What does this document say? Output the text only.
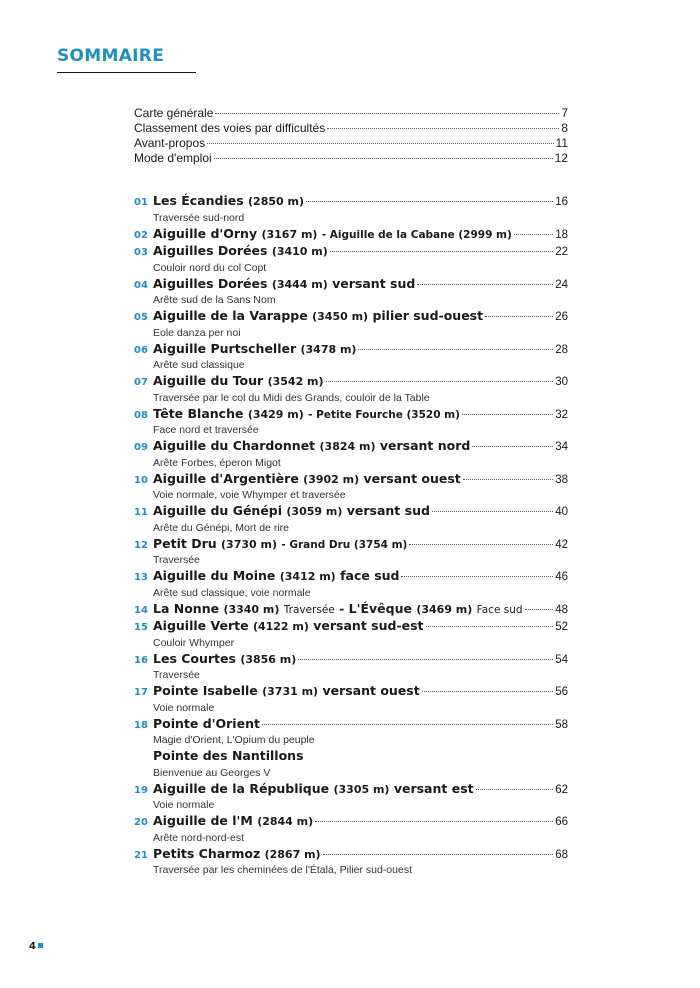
SOMMAIRE
Carte générale	7
Classement des voies par difficultés	8
Avant-propos	11
Mode d'emploi	12
01 Les Écandies (2850 m)	16
Traversée sud-nord
02 Aiguille d'Orny (3167 m) - Aiguille de la Cabane (2999 m)	18
03 Aiguilles Dorées (3410 m)	22
Couloir nord du col Copt
04 Aiguilles Dorées (3444 m) versant sud	24
Arête sud de la Sans Nom
05 Aiguille de la Varappe (3450 m) pilier sud-ouest	26
Eole danza per noi
06 Aiguille Purtscheller (3478 m)	28
Arête sud classique
07 Aiguille du Tour (3542 m)	30
Traversée par le col du Midi des Grands, couloir de la Table
08 Tête Blanche (3429 m) - Petite Fourche (3520 m)	32
Face nord et traversée
09 Aiguille du Chardonnet (3824 m) versant nord	34
Arête Forbes, éperon Migot
10 Aiguille d'Argentière (3902 m) versant ouest	38
Voie normale, voie Whymper et traversée
11 Aiguille du Génépi (3059 m) versant sud	40
Arête du Génépi, Mort de rire
12 Petit Dru (3730 m) - Grand Dru (3754 m)	42
Traversée
13 Aiguille du Moine (3412 m) face sud	46
Arête sud classique, voie normale
14 La Nonne (3340 m) Traversée - L'Évêque (3469 m) Face sud	48
15 Aiguille Verte (4122 m) versant sud-est	52
Couloir Whymper
16 Les Courtes (3856 m)	54
Traversée
17 Pointe Isabelle (3731 m) versant ouest	56
Voie normale
18 Pointe d'Orient	58
Magie d'Orient, L'Opium du peuple
Pointe des Nantillons
Bienvenue au Georges V
19 Aiguille de la République (3305 m) versant est	62
Voie normale
20 Aiguille de l'M (2844 m)	66
Arête nord-nord-est
21 Petits Charmoz (2867 m)	68
Traversée par les cheminées de l'Étala, Pilier sud-ouest
4
